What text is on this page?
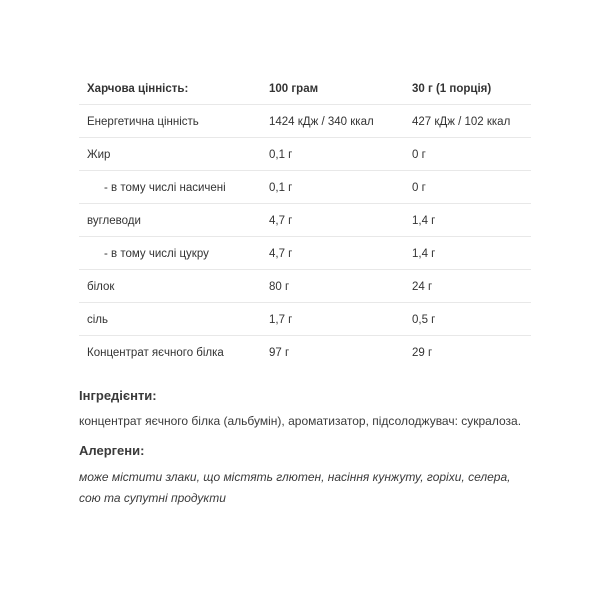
Харчова цінність:	100 грам	30 г (1 порція)
Енергетична цінність	1424 кДж / 340 ккал	427 кДж / 102 ккал
Жир	0,1 г	0 г
- в тому числі насичені	0,1 г	0 г
вуглеводи	4,7 г	1,4 г
- в тому числі цукру	4,7 г	1,4 г
білок	80 г	24 г
сіль	1,7 г	0,5 г
Концентрат яєчного білка	97 г	29 г
Інгредієнти:
концентрат яєчного білка (альбумін), ароматизатор, підсолоджувач: сукралоза.
Алергени:
може містити злаки, що містять глютен, насіння кунжуту, горіхи, селера, сою та супутні продукти
